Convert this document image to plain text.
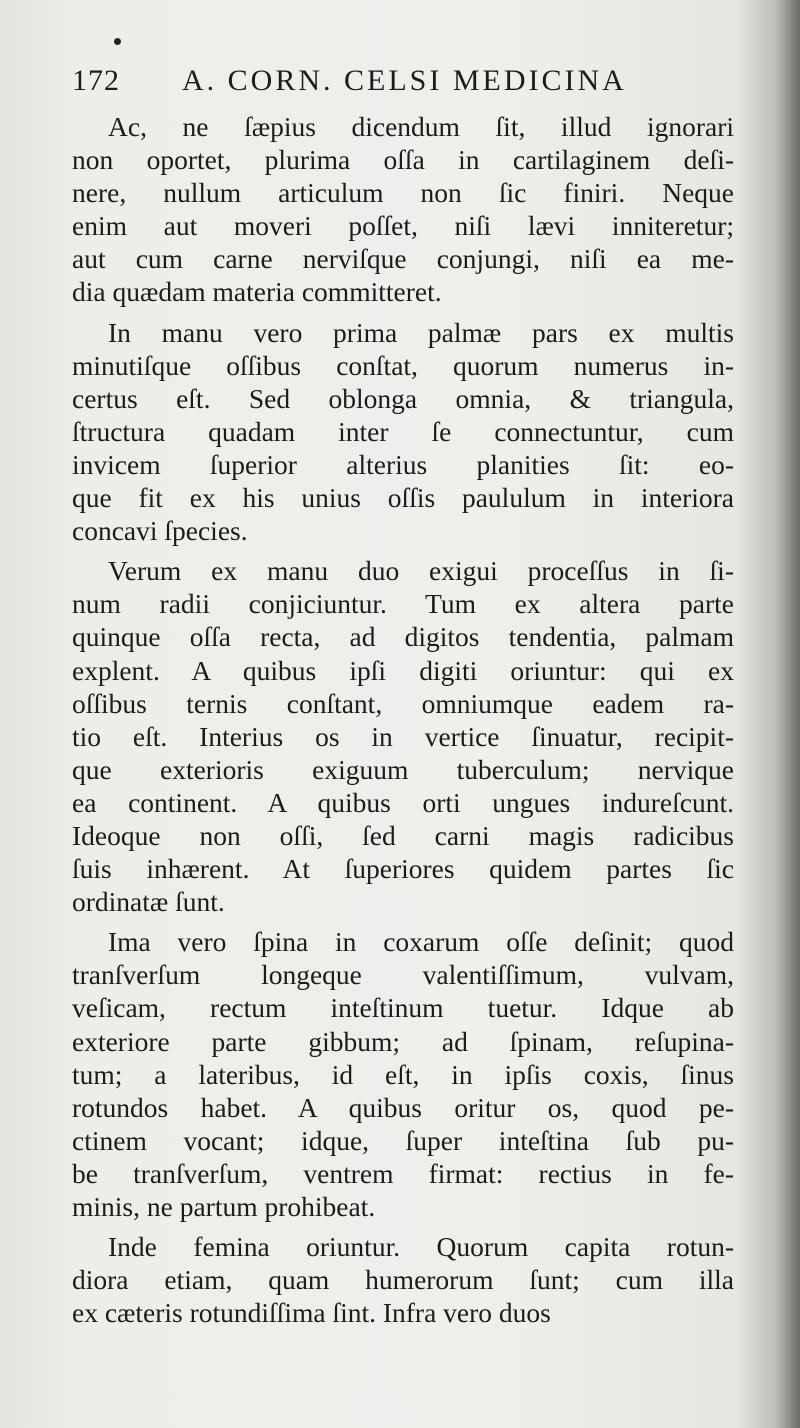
172 A. CORN. CELSI MEDICINA
Ac, ne ſæpius dicendum ſit, illud ignorari
non oportet, plurima oſſa in cartilaginem deſi-
nere, nullum articulum non ſic finiri. Neque
enim aut moveri poſſet, niſi lævi inniteretur;
aut cum carne nerviſque conjungi, niſi ea me-
dia quædam materia committeret.
In manu vero prima palmæ pars ex multis
minutiſque oſſibus conſtat, quorum numerus in-
certus eſt. Sed oblonga omnia, & triangula,
ſtructura quadam inter ſe connectuntur, cum
invicem ſuperior alterius planities ſit: eo-
que fit ex his unius oſſis paululum in interiora
concavi ſpecies.
Verum ex manu duo exigui proceſſus in ſi-
num radii conjiciuntur. Tum ex altera parte
quinque oſſa recta, ad digitos tendentia, palmam
explent. A quibus ipſi digiti oriuntur: qui ex
oſſibus ternis conſtant, omniumque eadem ra-
tio eſt. Interius os in vertice ſinuatur, recipit-
que exterioris exiguum tuberculum; nervique
ea continent. A quibus orti ungues indureſcunt.
Ideoque non oſſi, ſed carni magis radicibus
ſuis inhærent. At ſuperiores quidem partes ſic
ordinatæ ſunt.
Ima vero ſpina in coxarum oſſe deſinit; quod
tranſverſum longeque valentiſſimum, vulvam,
veſicam, rectum inteſtinum tuetur. Idque ab
exteriore parte gibbum; ad ſpinam, reſupina-
tum; a lateribus, id eſt, in ipſis coxis, ſinus
rotundos habet. A quibus oritur os, quod pe-
ctinem vocant; idque, ſuper inteſtina ſub pu-
be tranſverſum, ventrem firmat: rectius in fe-
minis, ne partum prohibeat.
Inde femina oriuntur. Quorum capita rotun-
diora etiam, quam humerorum ſunt; cum illa
ex cæteris rotundiſſima ſint. Infra vero duos
